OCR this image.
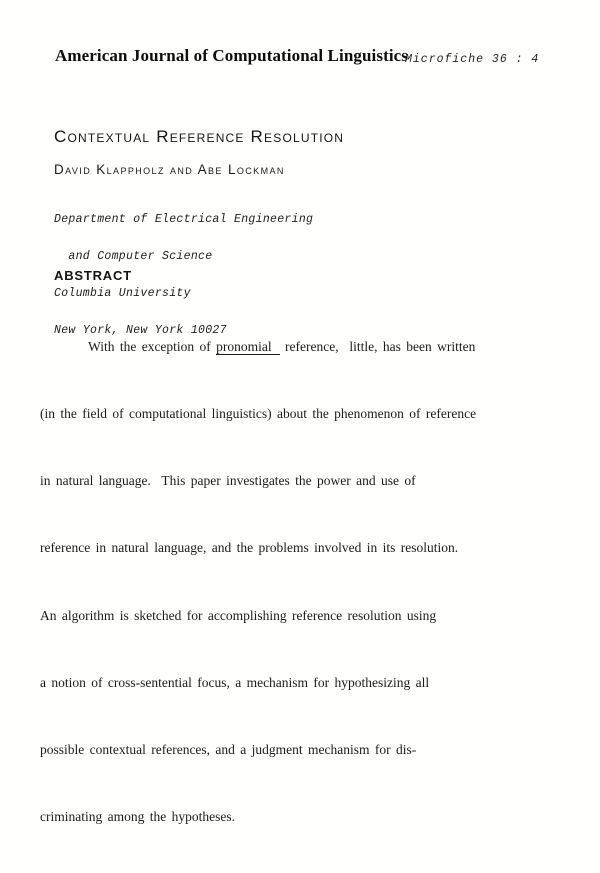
American Journal of Computational Linguistics
Microfiche 36 : 4
Contextual Reference Resolution
David Klappholz and Abe Lockman

Department of Electrical Engineering

and Computer Science

Columbia University

New York, New York 10027

ABSTRACT

With the exception of pronomial reference,  little, has been written

(in the field of computational linguistics) about the phenomenon of reference

in natural language.  This paper investigates the power and use of

reference in natural language, and the problems involved in its resolution.

An algorithm is sketched for accomplishing reference resolution using

a notion of cross-sentential focus, a mechanism for hypothesizing all

possible contextual references, and a judgment mechanism for dis-

criminating among the hypotheses.
